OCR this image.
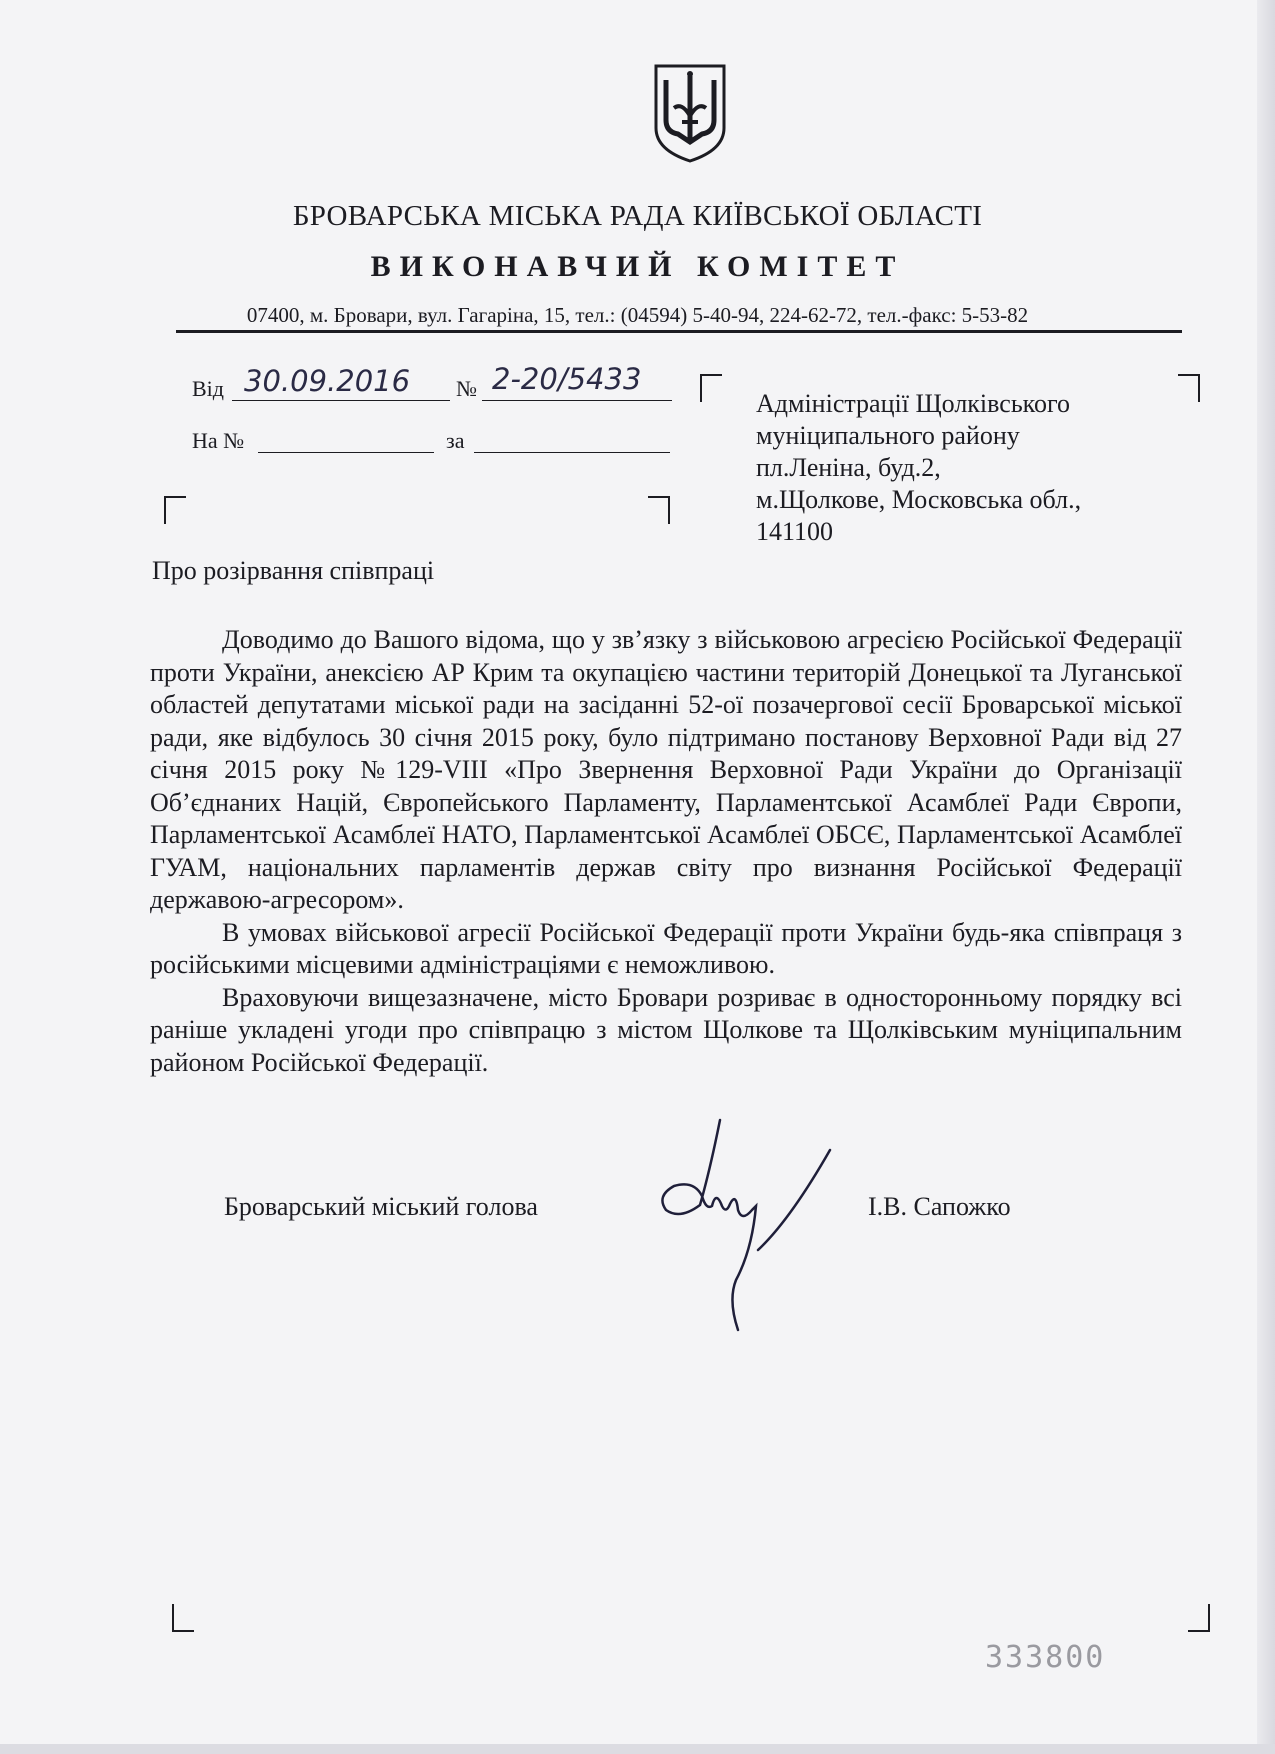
БРОВАРСЬКА МІСЬКА РАДА КИЇВСЬКОЇ ОБЛАСТІ
ВИКОНАВЧИЙ КОМІТЕТ
07400, м. Бровари, вул. Гагаріна, 15, тел.: (04594) 5-40-94, 224-62-72, тел.-факс: 5-53-82
Від	№
30.09.2016	2-20/5433
На №	за
Адміністрації Щолківського
муніципального району
пл.Леніна, буд.2,
м.Щолкове, Московська обл.,
141100
Про розірвання співпраці

Доводимо до Вашого відома, що у зв’язку з військовою агресією Російської Федерації проти України, анексією АР Крим та окупацією частини територій Донецької та Луганської областей депутатами міської ради на засіданні 52-ої позачергової сесії Броварської міської ради, яке відбулось 30 січня 2015 року, було підтримано постанову Верховної Ради від 27 січня 2015 року №129-VIII «Про Звернення Верховної Ради України до Організації Об’єднаних Націй, Європейського Парламенту, Парламентської Асамблеї Ради Європи, Парламентської Асамблеї НАТО, Парламентської Асамблеї ОБСЄ, Парламентської Асамблеї ГУАМ, національних парламентів держав світу про визнання Російської Федерації державою-агресором».

В умовах військової агресії Російської Федерації проти України будь-яка співпраця з російськими місцевими адміністраціями є неможливою.

Враховуючи вищезазначене, місто Бровари розриває в односторонньому порядку всі раніше укладені угоди про співпрацю з містом Щолкове та Щолківським муніципальним районом Російської Федерації.

Броварський міський голова	І.В. Сапожко
333800
